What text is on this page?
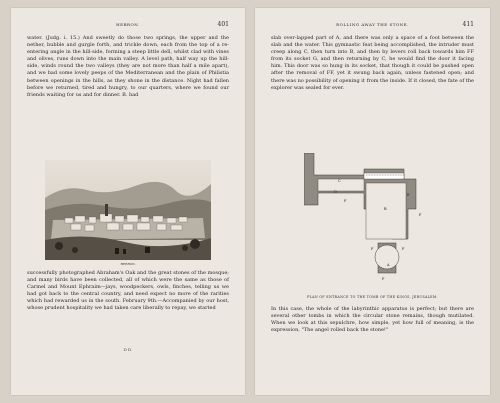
HEBRON.	401
water. (Judg. i. 15.) And sweetly do those two springs, the upper and the nether, bubble and gurgle forth, and trickle down, each from the top of a re-entering angle in the hill-side, forming a steep little dell, whilst clad with vines and olives, runs down into the main valley. A level path, half way up the hill-side, winds round the two valleys (they are not more than half a mile apart), and we had some lovely peeps of the Mediterranean and the plain of Philistia between openings in the hills, as they shone in the distance. Night had fallen before we returned, tired and hungry, to our quarters, where we found our friends waiting for us and for dinner. B. had
HEBRON.
successfully photographed Abraham's Oak and the great stones of the mosque; and many birds have been collected, all of which were the same as those of Carmel and Mount Ephraim—jays, woodpeckers, owls, finches, telling us we had got back to the central country, and need expect no more of the rarities which had rewarded us in the south. February 9th.—Accompanied by our host, whose prudent hospitality we had taken care liberally to repay, we started
D D.
ROLLING AWAY THE STONE.	411
slab over-lapped part of A, and there was only a space of a foot between the slab and the water. This gymnastic feat being accomplished, the intruder must creep along C, then turn into B, and then by levers roll back towards him FF from its socket G, and then returning by C, he would find the door it facing him. This door was so hung in its socket, that though it could be pushed open after the removal of FF, yet it swung back again, unless fastened open; and there was no possibility of opening it from the inside. If it closed, the fate of the explorer was sealed for ever.
C
D
B
E
F
F
A
F	F
F
PLAN OF ENTRANCE TO THE TOMB OF THE KINGS, JERUSALEM.
In this case, the whole of the labyrinthic apparatus is perfect; but there are several other tombs in which the circular stone remains, though mutilated. When we look at this sepulchre, how simple, yet how full of meaning, is the expression, "The angel rolled back the stone!"
